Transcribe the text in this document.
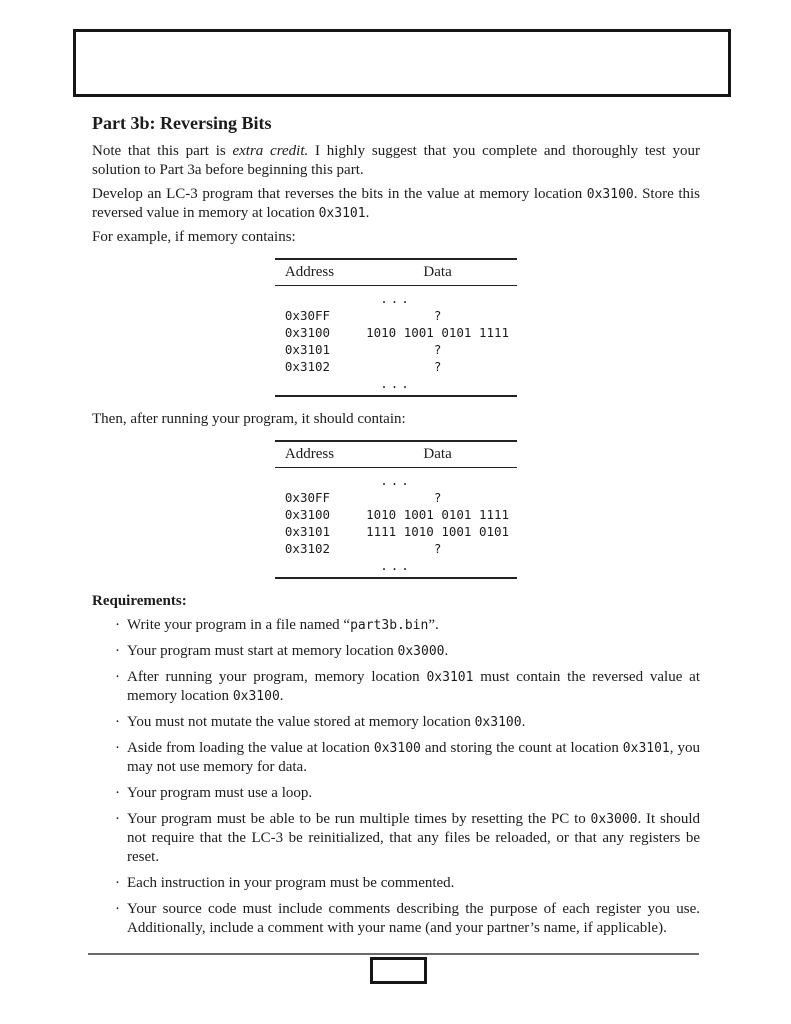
Part 3b: Reversing Bits

Note that this part is extra credit. I highly suggest that you complete and thoroughly test your solution to Part 3a before beginning this part.

Develop an LC-3 program that reverses the bits in the value at memory location 0x3100. Store this reversed value in memory at location 0x3101.

For example, if memory contains:

Address	Data
...	
0x30FF	?
0x3100	1010 1001 0101 1111
0x3101	?
0x3102	?
...	

Then, after running your program, it should contain:

Address	Data
...	
0x30FF	?
0x3100	1010 1001 0101 1111
0x3101	1111 1010 1001 0101
0x3102	?
...	
Requirements:
· Write your program in a file named “part3b.bin”.
· Your program must start at memory location 0x3000.
· After running your program, memory location 0x3101 must contain the reversed value at memory location 0x3100.
· You must not mutate the value stored at memory location 0x3100.
· Aside from loading the value at location 0x3100 and storing the count at location 0x3101, you may not use memory for data.
· Your program must use a loop.
· Your program must be able to be run multiple times by resetting the PC to 0x3000. It should not require that the LC-3 be reinitialized, that any files be reloaded, or that any registers be reset.
· Each instruction in your program must be commented.
· Your source code must include comments describing the purpose of each register you use. Additionally, include a comment with your name (and your partner’s name, if applicable).
